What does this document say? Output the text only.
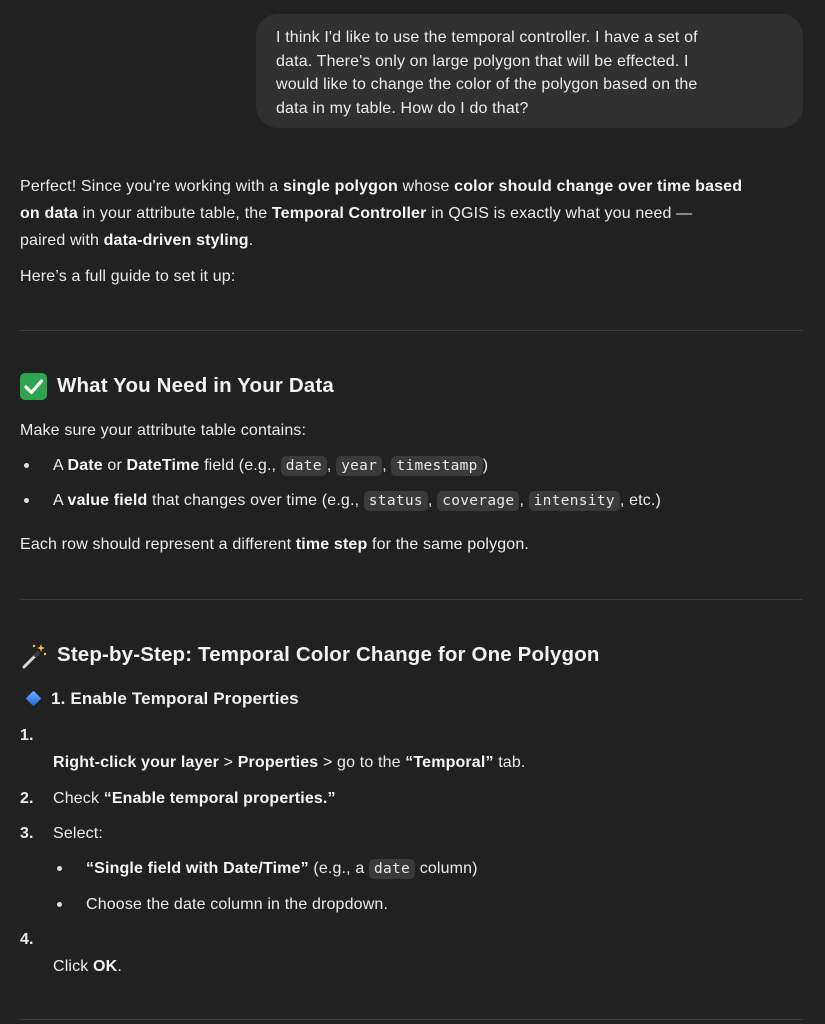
I think I'd like to use the temporal controller. I have a set of
data. There's only on large polygon that will be effected. I
would like to change the color of the polygon based on the
data in my table. How do I do that?
Perfect! Since you're working with a single polygon whose color should change over time based
on data in your attribute table, the Temporal Controller in QGIS is exactly what you need —
paired with data-driven styling.

Here’s a full guide to set it up:

What You Need in Your Data

Make sure your attribute table contains:

A Date or DateTime field (e.g., date , year , timestamp )
A value field that changes over time (e.g., status , coverage , intensity , etc.)

Each row should represent a different time step for the same polygon.

Step-by-Step: Temporal Color Change for One Polygon
1. Enable Temporal Properties
1.
Right-click your layer > Properties > go to the “Temporal” tab.
2. Check “Enable temporal properties.”
3. Select:
“Single field with Date/Time” (e.g., a date column)
Choose the date column in the dropdown.
4.
Click OK.
